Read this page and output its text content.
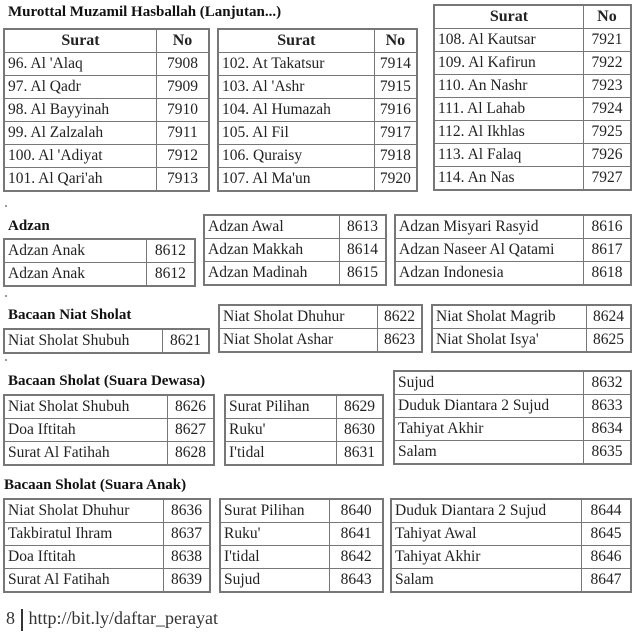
Murottal Muzamil Hasballah (Lanjutan...)
Surat	No
96. Al 'Alaq	7908
97. Al Qadr	7909
98. Al Bayyinah	7910
99. Al Zalzalah	7911
100. Al 'Adiyat	7912
101. Al Qari'ah	7913
Surat	No
102. At Takatsur	7914
103. Al 'Ashr	7915
104. Al Humazah	7916
105. Al Fil	7917
106. Quraisy	7918
107. Al Ma'un	7920
Surat	No
108. Al Kautsar	7921
109. Al Kafirun	7922
110. An Nashr	7923
111. Al Lahab	7924
112. Al Ikhlas	7925
113. Al Falaq	7926
114. An Nas	7927
Adzan
Adzan Anak	8612
Adzan Anak	8612
Adzan Awal	8613
Adzan Makkah	8614
Adzan Madinah	8615
Adzan Misyari Rasyid	8616
Adzan Naseer Al Qatami	8617
Adzan Indonesia	8618
Bacaan Niat Sholat
Niat Sholat Shubuh	8621
Niat Sholat Dhuhur	8622
Niat Sholat Ashar	8623
Niat Sholat Magrib	8624
Niat Sholat Isya'	8625
Bacaan Sholat (Suara Dewasa)
Niat Sholat Shubuh	8626
Doa Iftitah	8627
Surat Al Fatihah	8628
Surat Pilihan	8629
Ruku'	8630
I'tidal	8631
Sujud	8632
Duduk Diantara 2 Sujud	8633
Tahiyat Akhir	8634
Salam	8635
Bacaan Sholat (Suara Anak)
Niat Sholat Dhuhur	8636
Takbiratul Ihram	8637
Doa Iftitah	8638
Surat Al Fatihah	8639
Surat Pilihan	8640
Ruku'	8641
I'tidal	8642
Sujud	8643
Duduk Diantara 2 Sujud	8644
Tahiyat Awal	8645
Tahiyat Akhir	8646
Salam	8647
8 http://bit.ly/daftar_perayat
